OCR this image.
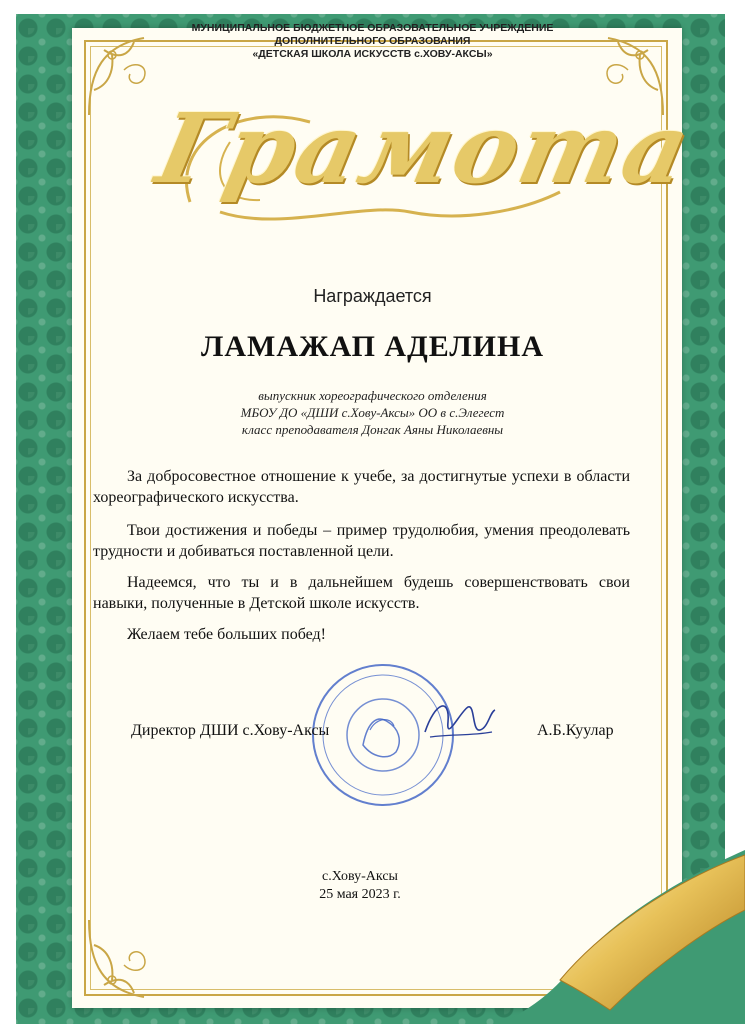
МУНИЦИПАЛЬНОЕ БЮДЖЕТНОЕ ОБРАЗОВАТЕЛЬНОЕ УЧРЕЖДЕНИЕ
ДОПОЛНИТЕЛЬНОГО ОБРАЗОВАНИЯ
«ДЕТСКАЯ ШКОЛА ИСКУССТВ с.ХОВУ-АКСЫ»
Грамота
Награждается
ЛАМАЖАП АДЕЛИНА
выпускник хореографического отделения
МБОУ ДО «ДШИ с.Хову-Аксы» ОО в с.Элегест
класс преподавателя Донгак Аяны Николаевны
За добросовестное отношение к учебе, за достигнутые успехи в области хореографического искусства.
Твои достижения и победы – пример трудолюбия, умения преодолевать трудности и добиваться поставленной цели.
Надеемся, что ты и в дальнейшем будешь совершенствовать свои навыки, полученные в Детской школе искусств.
Желаем тебе больших побед!
Директор ДШИ с.Хову-Аксы	А.Б.Куулар
с.Хову-Аксы
25 мая 2023 г.
